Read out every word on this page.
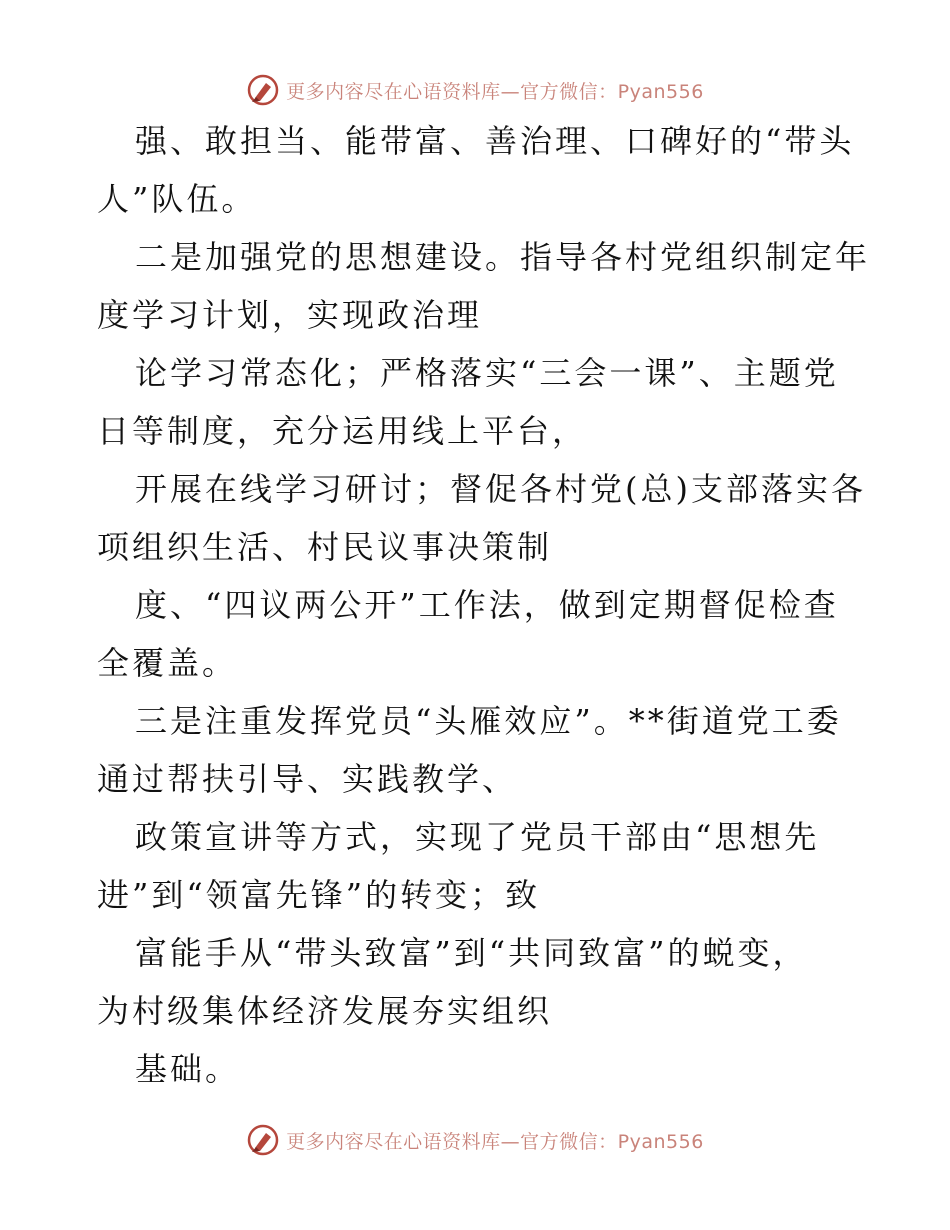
更多内容尽在心语资料库—官方微信：Pyan556
强、敢担当、能带富、善治理、口碑好的“带头
人”队伍。
二是加强党的思想建设。指导各村党组织制定年
度学习计划，实现政治理
论学习常态化；严格落实“三会一课”、主题党
日等制度，充分运用线上平台，
开展在线学习研讨；督促各村党(总)支部落实各
项组织生活、村民议事决策制
度、“四议两公开”工作法，做到定期督促检查
全覆盖。
三是注重发挥党员“头雁效应”。**街道党工委
通过帮扶引导、实践教学、
政策宣讲等方式，实现了党员干部由“思想先
进”到“领富先锋”的转变；致
富能手从“带头致富”到“共同致富”的蜕变，
为村级集体经济发展夯实组织
基础。
更多内容尽在心语资料库—官方微信：Pyan556
